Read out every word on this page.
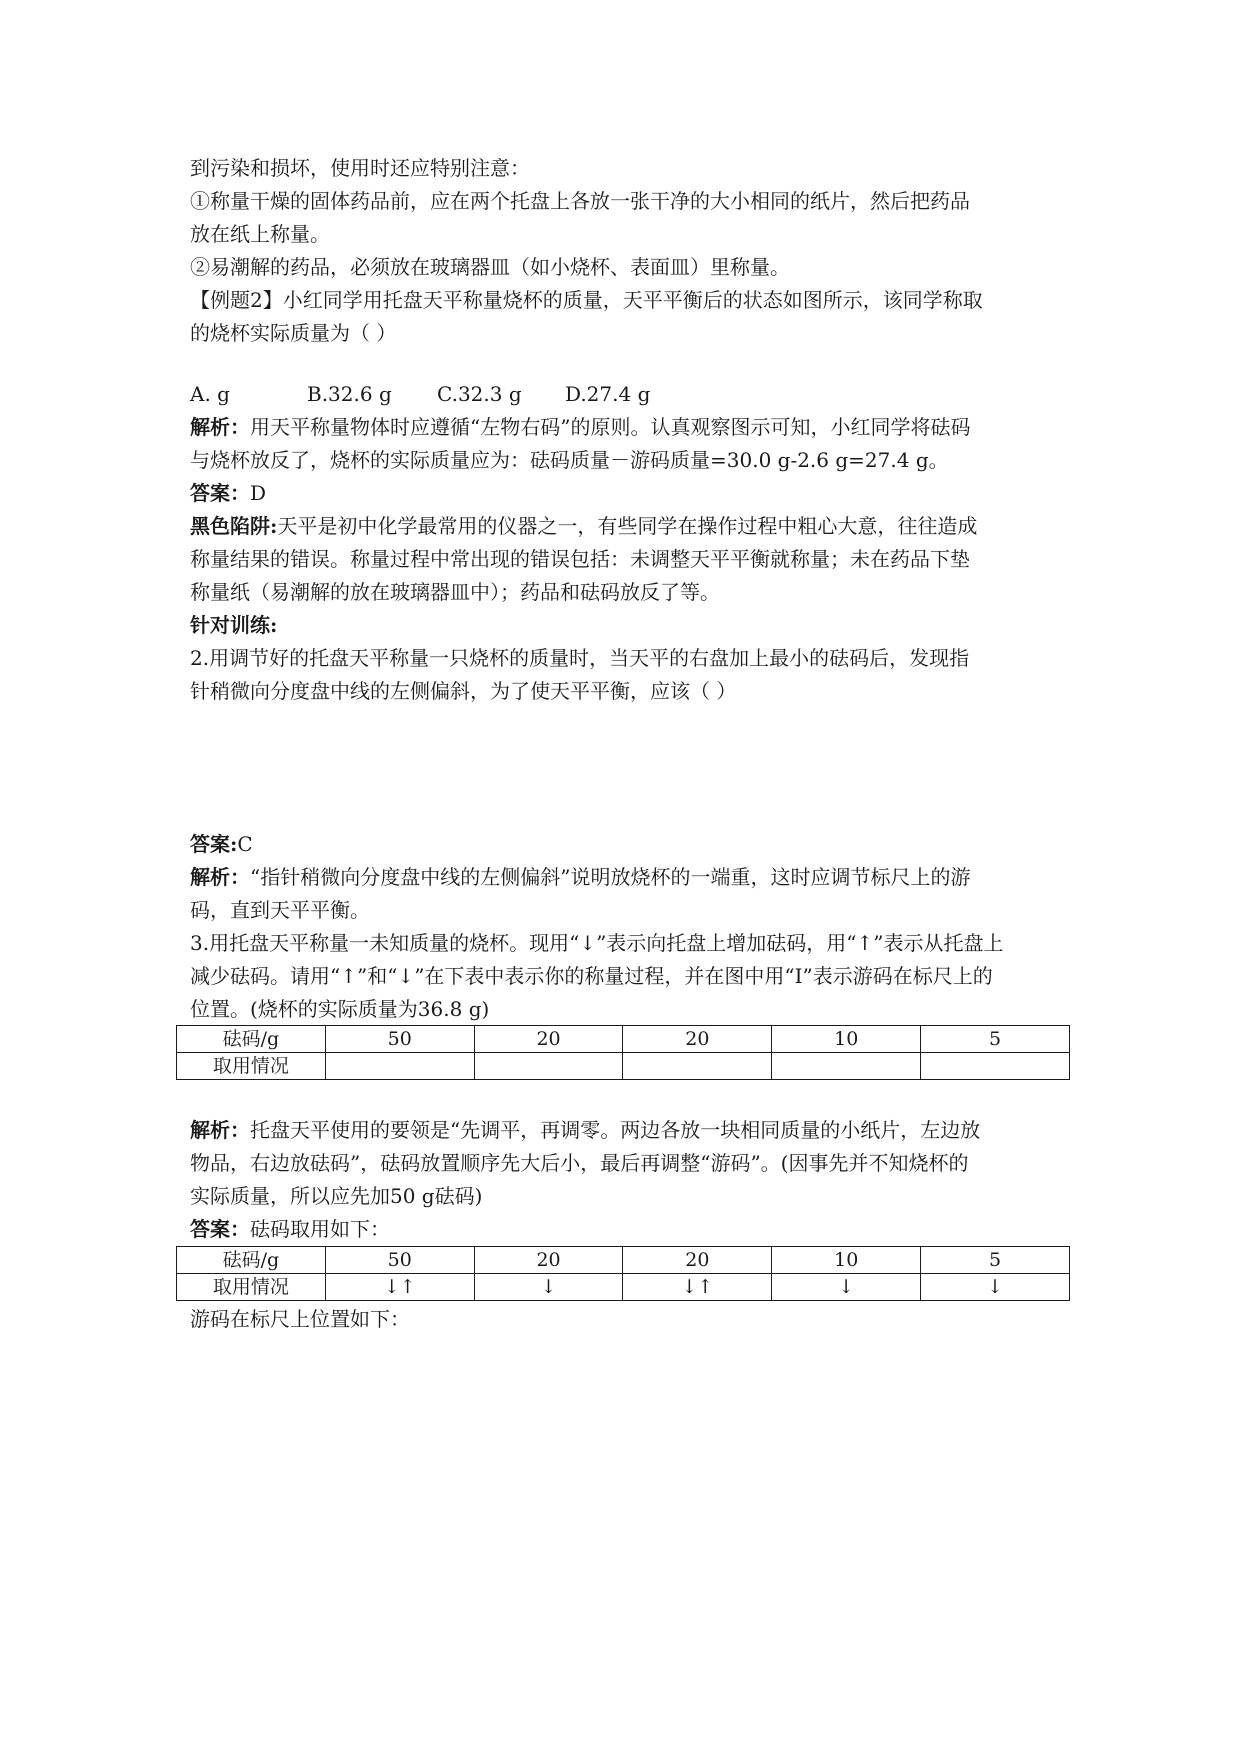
到污染和损坏，使用时还应特别注意：
①称量干燥的固体药品前，应在两个托盘上各放一张干净的大小相同的纸片，然后把药品
放在纸上称量。
②易潮解的药品，必须放在玻璃器皿（如小烧杯、表面皿）里称量。
【例题2】小红同学用托盘天平称量烧杯的质量，天平平衡后的状态如图所示，该同学称取
的烧杯实际质量为（ ）
A. g	B.32.6 g C.32.3 g D.27.4 g
解析：用天平称量物体时应遵循“左物右码”的原则。认真观察图示可知，小红同学将砝码
与烧杯放反了，烧杯的实际质量应为：砝码质量－游码质量=30.0 g-2.6 g=27.4 g。
答案：D
黑色陷阱:天平是初中化学最常用的仪器之一，有些同学在操作过程中粗心大意，往往造成
称量结果的错误。称量过程中常出现的错误包括：未调整天平平衡就称量；未在药品下垫
称量纸（易潮解的放在玻璃器皿中）；药品和砝码放反了等。
针对训练:
2.用调节好的托盘天平称量一只烧杯的质量时，当天平的右盘加上最小的砝码后，发现指
针稍微向分度盘中线的左侧偏斜，为了使天平平衡，应该（ ）
答案:C
解析：“指针稍微向分度盘中线的左侧偏斜”说明放烧杯的一端重，这时应调节标尺上的游
码，直到天平平衡。
3.用托盘天平称量一未知质量的烧杯。现用“↓”表示向托盘上增加砝码，用“↑”表示从托盘上
减少砝码。请用“↑”和“↓”在下表中表示你的称量过程，并在图中用“I”表示游码在标尺上的
位置。(烧杯的实际质量为36.8 g)
砝码/g	50	20	20	10	5
取用情况					
解析：托盘天平使用的要领是“先调平，再调零。两边各放一块相同质量的小纸片，左边放
物品，右边放砝码”，砝码放置顺序先大后小，最后再调整“游码”。(因事先并不知烧杯的
实际质量，所以应先加50 g砝码)
答案：砝码取用如下：
砝码/g	50	20	20	10	5
取用情况	↓↑	↓	↓↑	↓	↓
游码在标尺上位置如下：
